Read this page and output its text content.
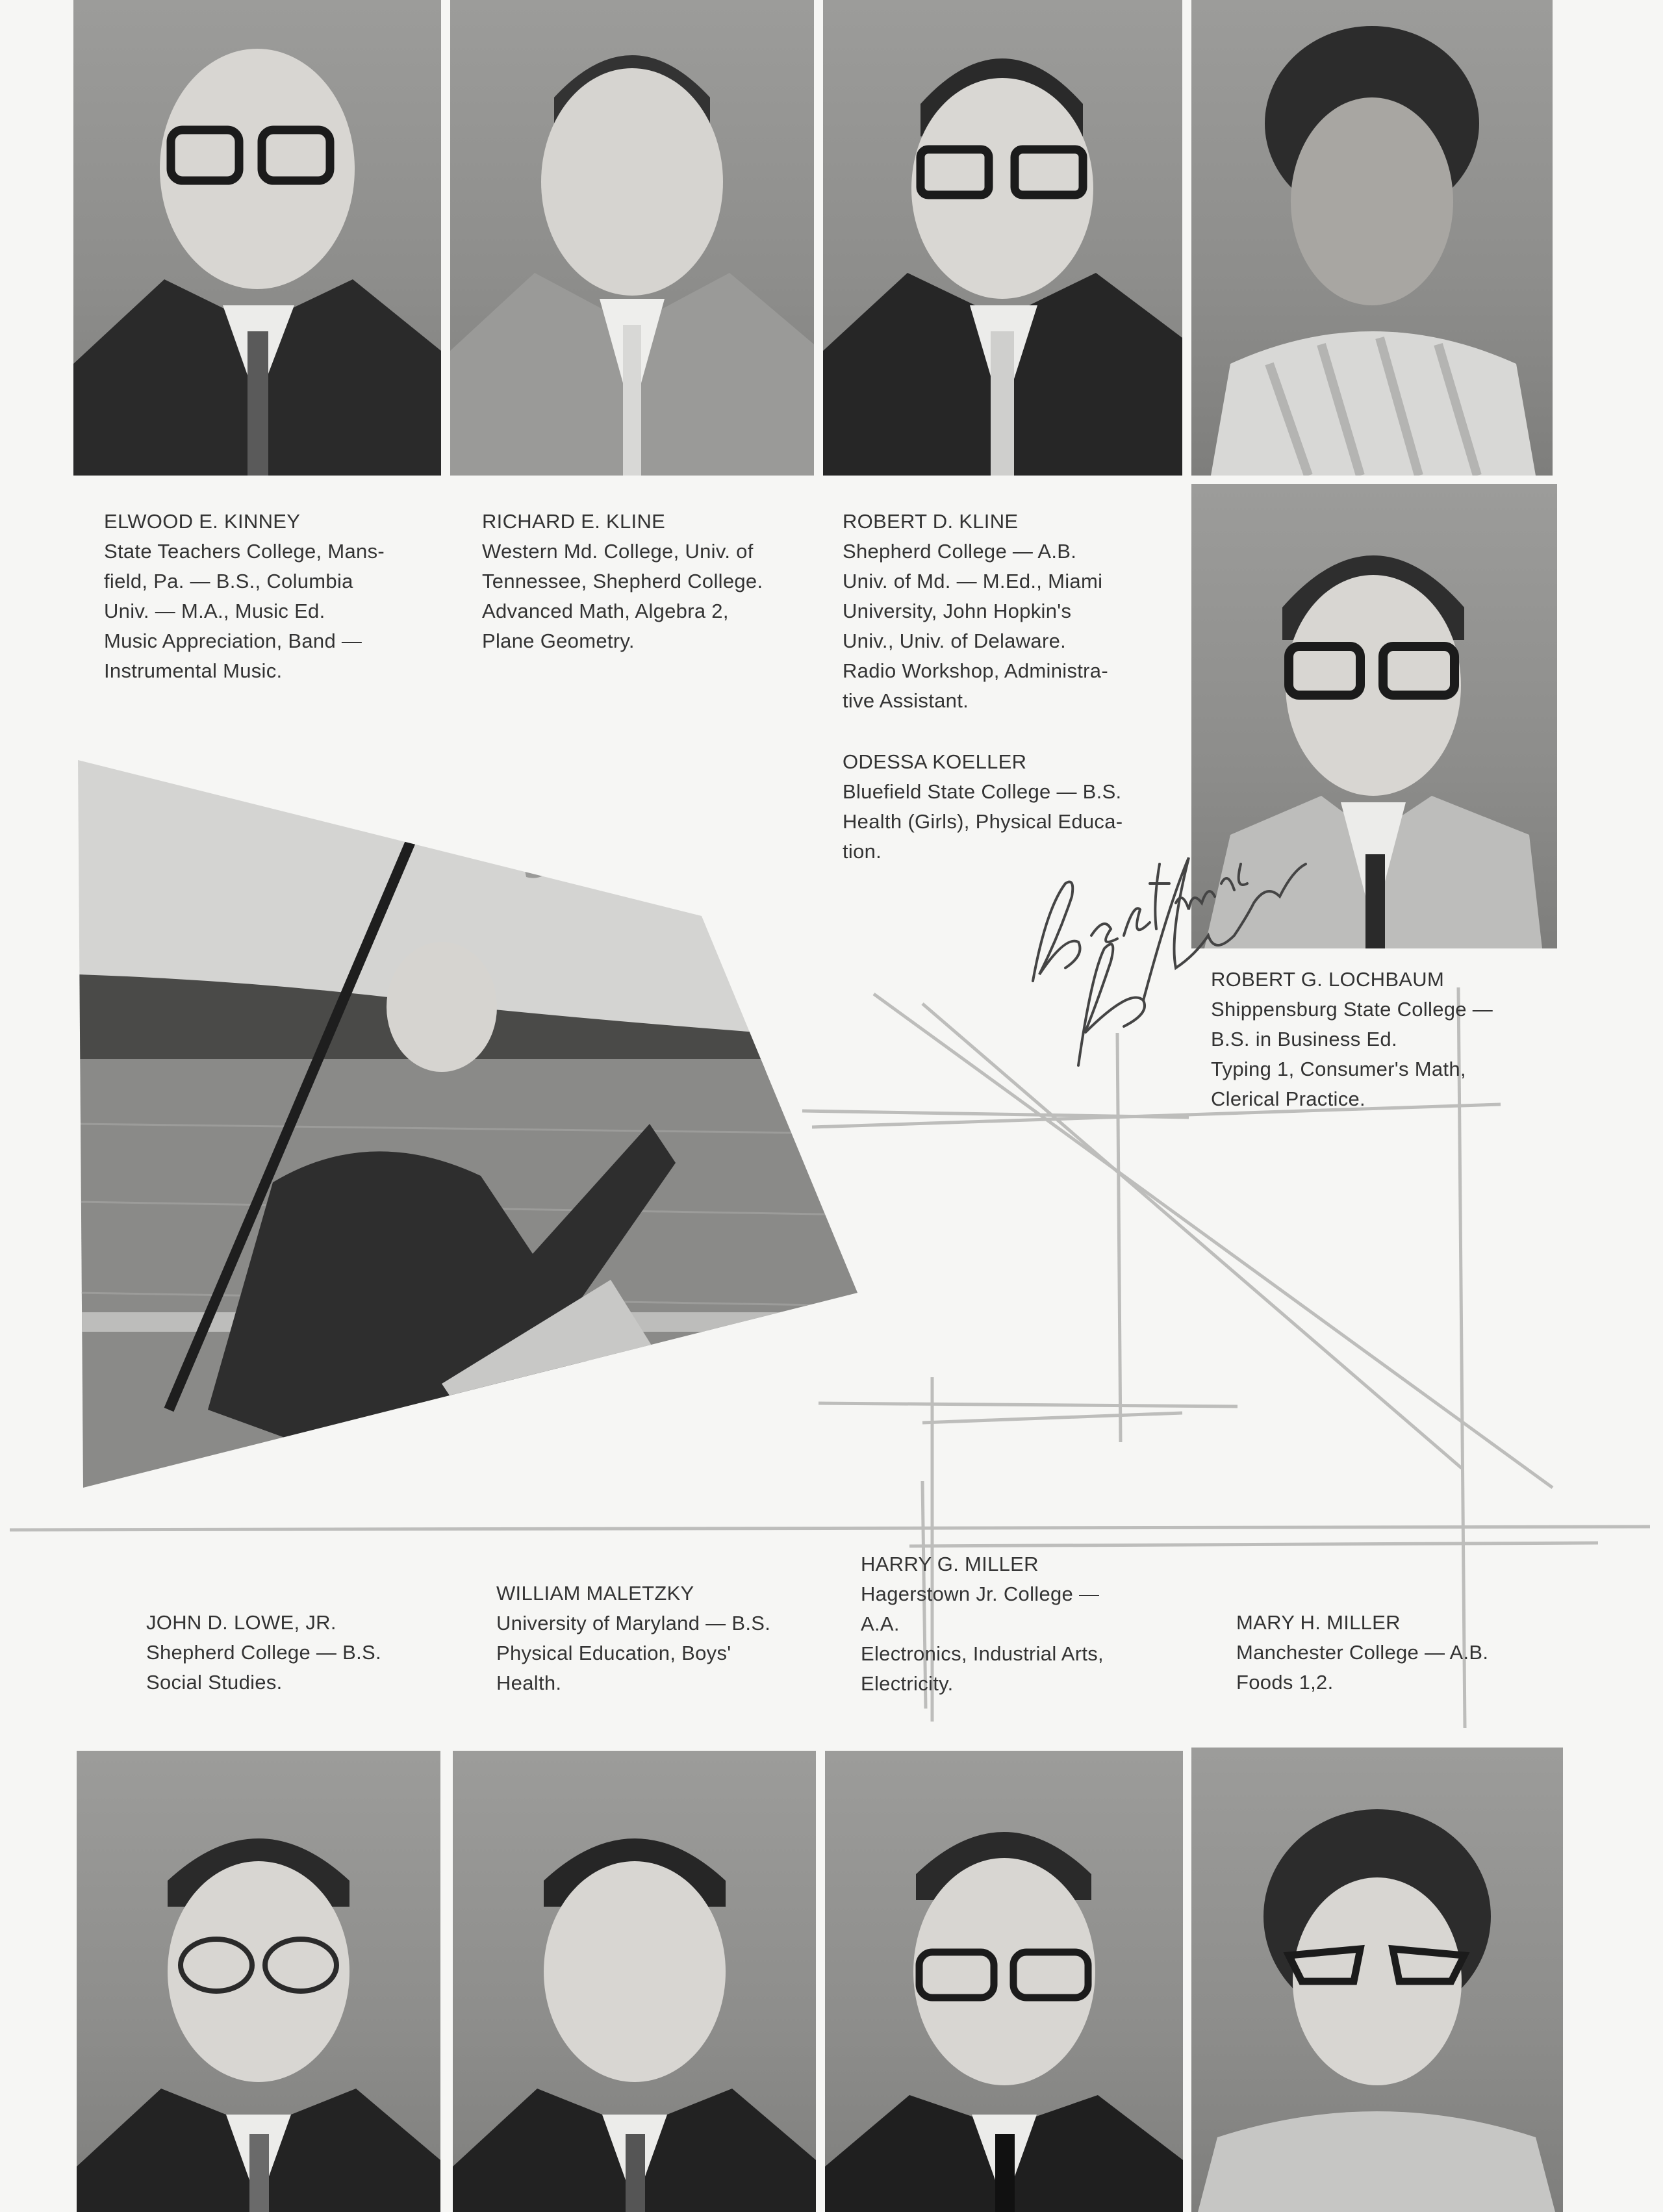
ELWOOD E. KINNEY
State Teachers College, Mans-
field, Pa. — B.S., Columbia
Univ. — M.A., Music Ed.
Music Appreciation, Band —
Instrumental Music.
RICHARD E. KLINE
Western Md. College, Univ. of
Tennessee, Shepherd College.
Advanced Math, Algebra 2,
Plane Geometry.
ROBERT D. KLINE
Shepherd College — A.B.
Univ. of Md. — M.Ed., Miami
University, John Hopkin's
Univ., Univ. of Delaware.
Radio Workshop, Administra-
tive Assistant.
ODESSA KOELLER
Bluefield State College — B.S.
Health (Girls), Physical Educa-
tion.
ROBERT G. LOCHBAUM
Shippensburg State College —
B.S. in Business Ed.
Typing 1, Consumer's Math,
Clerical Practice.
JOHN D. LOWE, JR.
Shepherd College — B.S.
Social Studies.
WILLIAM MALETZKY
University of Maryland — B.S.
Physical Education, Boys'
Health.
HARRY G. MILLER
Hagerstown Jr. College —
A.A.
Electronics, Industrial Arts,
Electricity.
MARY H. MILLER
Manchester College — A.B.
Foods 1,2.
